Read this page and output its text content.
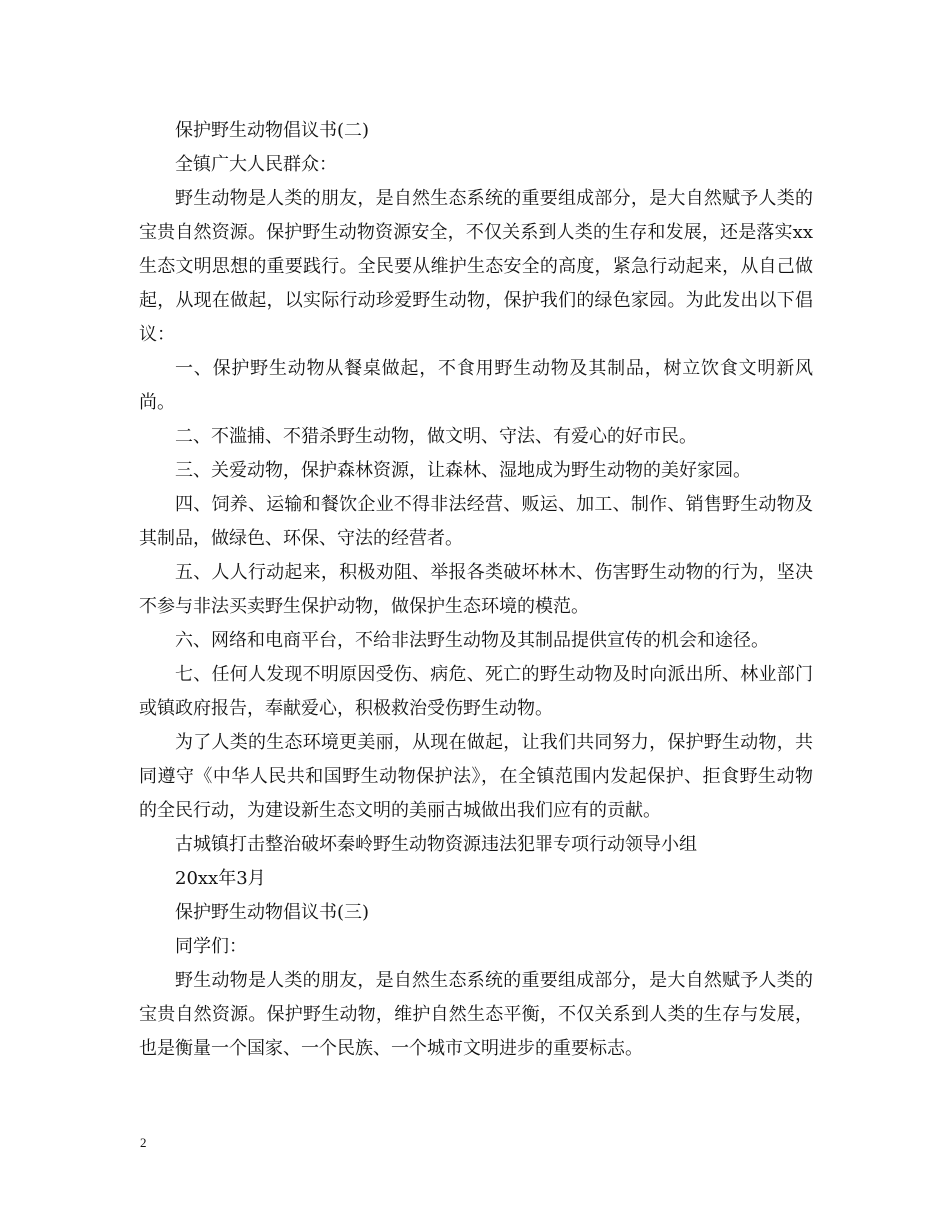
保护野生动物倡议书(二)

全镇广大人民群众：

野生动物是人类的朋友，是自然生态系统的重要组成部分，是大自然赋予人类的宝贵自然资源。保护野生动物资源安全，不仅关系到人类的生存和发展，还是落实xx生态文明思想的重要践行。全民要从维护生态安全的高度，紧急行动起来，从自己做起，从现在做起，以实际行动珍爱野生动物，保护我们的绿色家园。为此发出以下倡议：

一、保护野生动物从餐桌做起，不食用野生动物及其制品，树立饮食文明新风尚。

二、不滥捕、不猎杀野生动物，做文明、守法、有爱心的好市民。

三、关爱动物，保护森林资源，让森林、湿地成为野生动物的美好家园。

四、饲养、运输和餐饮企业不得非法经营、贩运、加工、制作、销售野生动物及其制品，做绿色、环保、守法的经营者。

五、人人行动起来，积极劝阻、举报各类破坏林木、伤害野生动物的行为，坚决不参与非法买卖野生保护动物，做保护生态环境的模范。

六、网络和电商平台，不给非法野生动物及其制品提供宣传的机会和途径。

七、任何人发现不明原因受伤、病危、死亡的野生动物及时向派出所、林业部门或镇政府报告，奉献爱心，积极救治受伤野生动物。

为了人类的生态环境更美丽，从现在做起，让我们共同努力，保护野生动物，共同遵守《中华人民共和国野生动物保护法》，在全镇范围内发起保护、拒食野生动物的全民行动，为建设新生态文明的美丽古城做出我们应有的贡献。

古城镇打击整治破坏秦岭野生动物资源违法犯罪专项行动领导小组

20xx年3月

保护野生动物倡议书(三)

同学们：

野生动物是人类的朋友，是自然生态系统的重要组成部分，是大自然赋予人类的宝贵自然资源。保护野生动物，维护自然生态平衡，不仅关系到人类的生存与发展，也是衡量一个国家、一个民族、一个城市文明进步的重要标志。

2
